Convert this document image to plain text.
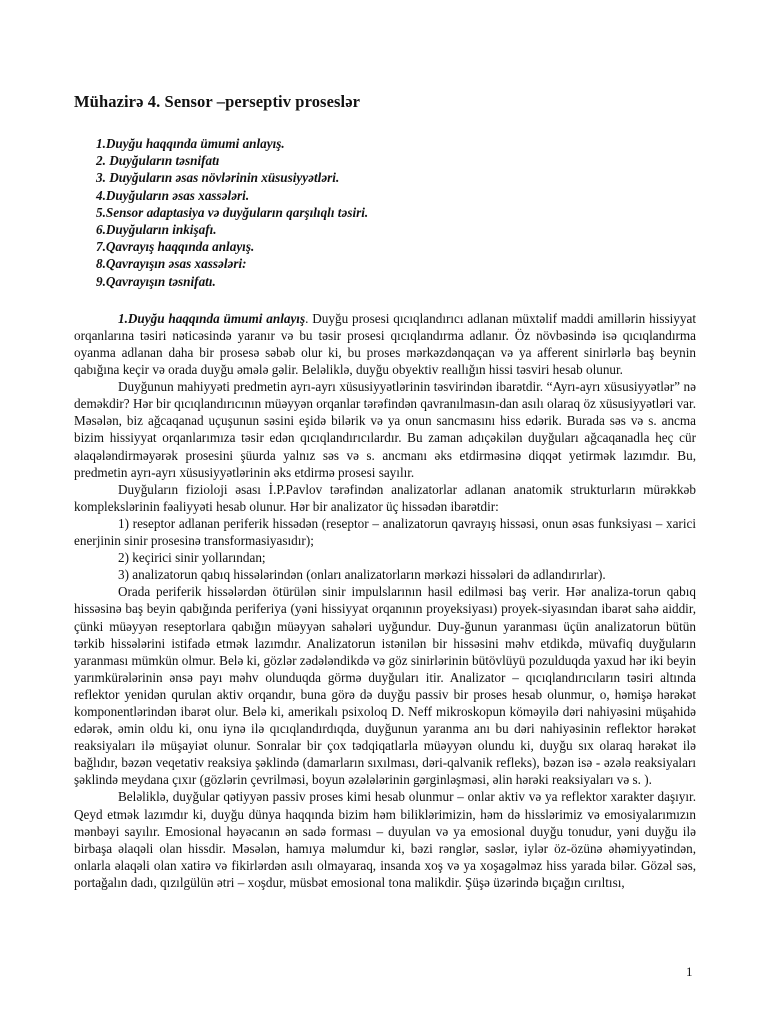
Mühazirə 4. Sensor –perseptiv proseslər
1.Duyğu haqqında ümumi anlayış.
2. Duyğuların təsnifatı
3. Duyğuların əsas növlərinin xüsusiyyətləri.
4.Duyğuların əsas xassələri.
5.Sensor adaptasiya və duyğuların qarşılıqlı təsiri.
6.Duyğuların inkişafı.
7.Qavrayış haqqında anlayış.
8.Qavrayışın əsas xassələri:
9.Qavrayışın təsnifatı.

1.Duyğu haqqında ümumi anlayış. Duyğu prosesi qıcıqlandırıcı adlanan müxtəlif maddi amillərin hissiyyat orqanlarına təsiri nəticəsində yaranır və bu təsir prosesi qıcıqlandırma adlanır. Öz növbəsində isə qıcıqlandırma oyanma adlanan daha bir prosesə səbəb olur ki, bu proses mərkəzdənqaçan və ya afferent sinirlərlə baş beynin qabığına keçir və orada duyğu əmələ gəlir. Beləliklə, duyğu obyektiv reallığın hissi təsviri hesab olunur.

Duyğunun mahiyyəti predmetin ayrı-ayrı xüsusiyyətlərinin təsvirindən ibarətdir. “Ayrı-ayrı xüsusiyyətlər” nə deməkdir? Hər bir qıcıqlandırıcının müəyyən orqanlar tərəfindən qavranılmasın-dan asılı olaraq öz xüsusiyyətləri var. Məsələn, biz ağcaqanad uçuşunun səsini eşidə bilərik və ya onun sancmasını hiss edərik. Burada səs və s. ancma bizim hissiyyat orqanlarımıza təsir edən qıcıqlandırıcılardır. Bu zaman adıçəkilən duyğuları ağcaqanadla heç cür əlaqələndirməyərək prosesini şüurda yalnız səs və s. ancmanı əks etdirməsinə diqqət yetirmək lazımdır. Bu, predmetin ayrı-ayrı xüsusiyyətlərinin əks etdirmə prosesi sayılır.

Duyğuların fizioloji əsası İ.P.Pavlov tərəfindən analizatorlar adlanan anatomik strukturların mürəkkəb komplekslərinin fəaliyyəti hesab olunur. Hər bir analizator üç hissədən ibarətdir:

1) reseptor adlanan periferik hissədən (reseptor – analizatorun qavrayış hissəsi, onun əsas funksiyası – xarici enerjinin sinir prosesinə transformasiyasıdır);

2) keçirici sinir yollarından;

3) analizatorun qabıq hissələrindən (onları analizatorların mərkəzi hissələri də adlandırırlar).

Orada periferik hissələrdən ötürülən sinir impulslarının hasil edilməsi baş verir. Hər analiza-torun qabıq hissəsinə baş beyin qabığında periferiya (yəni hissiyyat orqanının proyeksiyası) proyek-siyasından ibarət sahə aiddir, çünki müəyyən reseptorlara qabığın müəyyən sahələri uyğundur. Duy-ğunun yaranması üçün analizatorun bütün tərkib hissələrini istifadə etmək lazımdır. Analizatorun istənilən bir hissəsini məhv etdikdə, müvafiq duyğuların yaranması mümkün olmur. Belə ki, gözlər zədələndikdə və göz sinirlərinin bütövlüyü pozulduqda yaxud hər iki beyin yarımkürələrinin ənsə payı məhv olunduqda görmə duyğuları itir. Analizator – qıcıqlandırıcıların təsiri altında reflektor yenidən qurulan aktiv orqandır, buna görə də duyğu passiv bir proses hesab olunmur, o, həmişə hərəkət komponentlərindən ibarət olur. Belə ki, amerikalı psixoloq D. Neff mikroskopun köməyilə dəri nahiyəsini müşahidə edərək, əmin oldu ki, onu iynə ilə qıcıqlandırdıqda, duyğunun yaranma anı bu dəri nahiyəsinin reflektor hərəkət reaksiyaları ilə müşayiət olunur. Sonralar bir çox tədqiqatlarla müəyyən olundu ki, duyğu sıx olaraq hərəkət ilə bağlıdır, bəzən veqetativ reaksiya şəklində (damarların sıxılması, dəri-qalvanik refleks), bəzən isə - əzələ reaksiyaları şəklində meydana çıxır (gözlərin çevrilməsi, boyun əzələlərinin gərginləşməsi, əlin hərəki reaksiyaları və s. ).

Beləliklə, duyğular qətiyyən passiv proses kimi hesab olunmur – onlar aktiv və ya reflektor xarakter daşıyır. Qeyd etmək lazımdır ki, duyğu dünya haqqında bizim həm biliklərimizin, həm də hisslərimiz və emosiyalarımızın mənbəyi sayılır. Emosional həyəcanın ən sadə forması – duyulan və ya emosional duyğu tonudur, yəni duyğu ilə birbaşa əlaqəli olan hissdir. Məsələn, hamıya məlumdur ki, bəzi rənglər, səslər, iylər öz-özünə əhəmiyyətindən, onlarla əlaqəli olan xatirə və fikirlərdən asılı olmayaraq, insanda xoş və ya xoşagəlməz hiss yarada bilər. Gözəl səs, portağalın dadı, qızılgülün ətri – xoşdur, müsbət emosional tona malikdir. Şüşə üzərində bıçağın cırıltısı,

1
